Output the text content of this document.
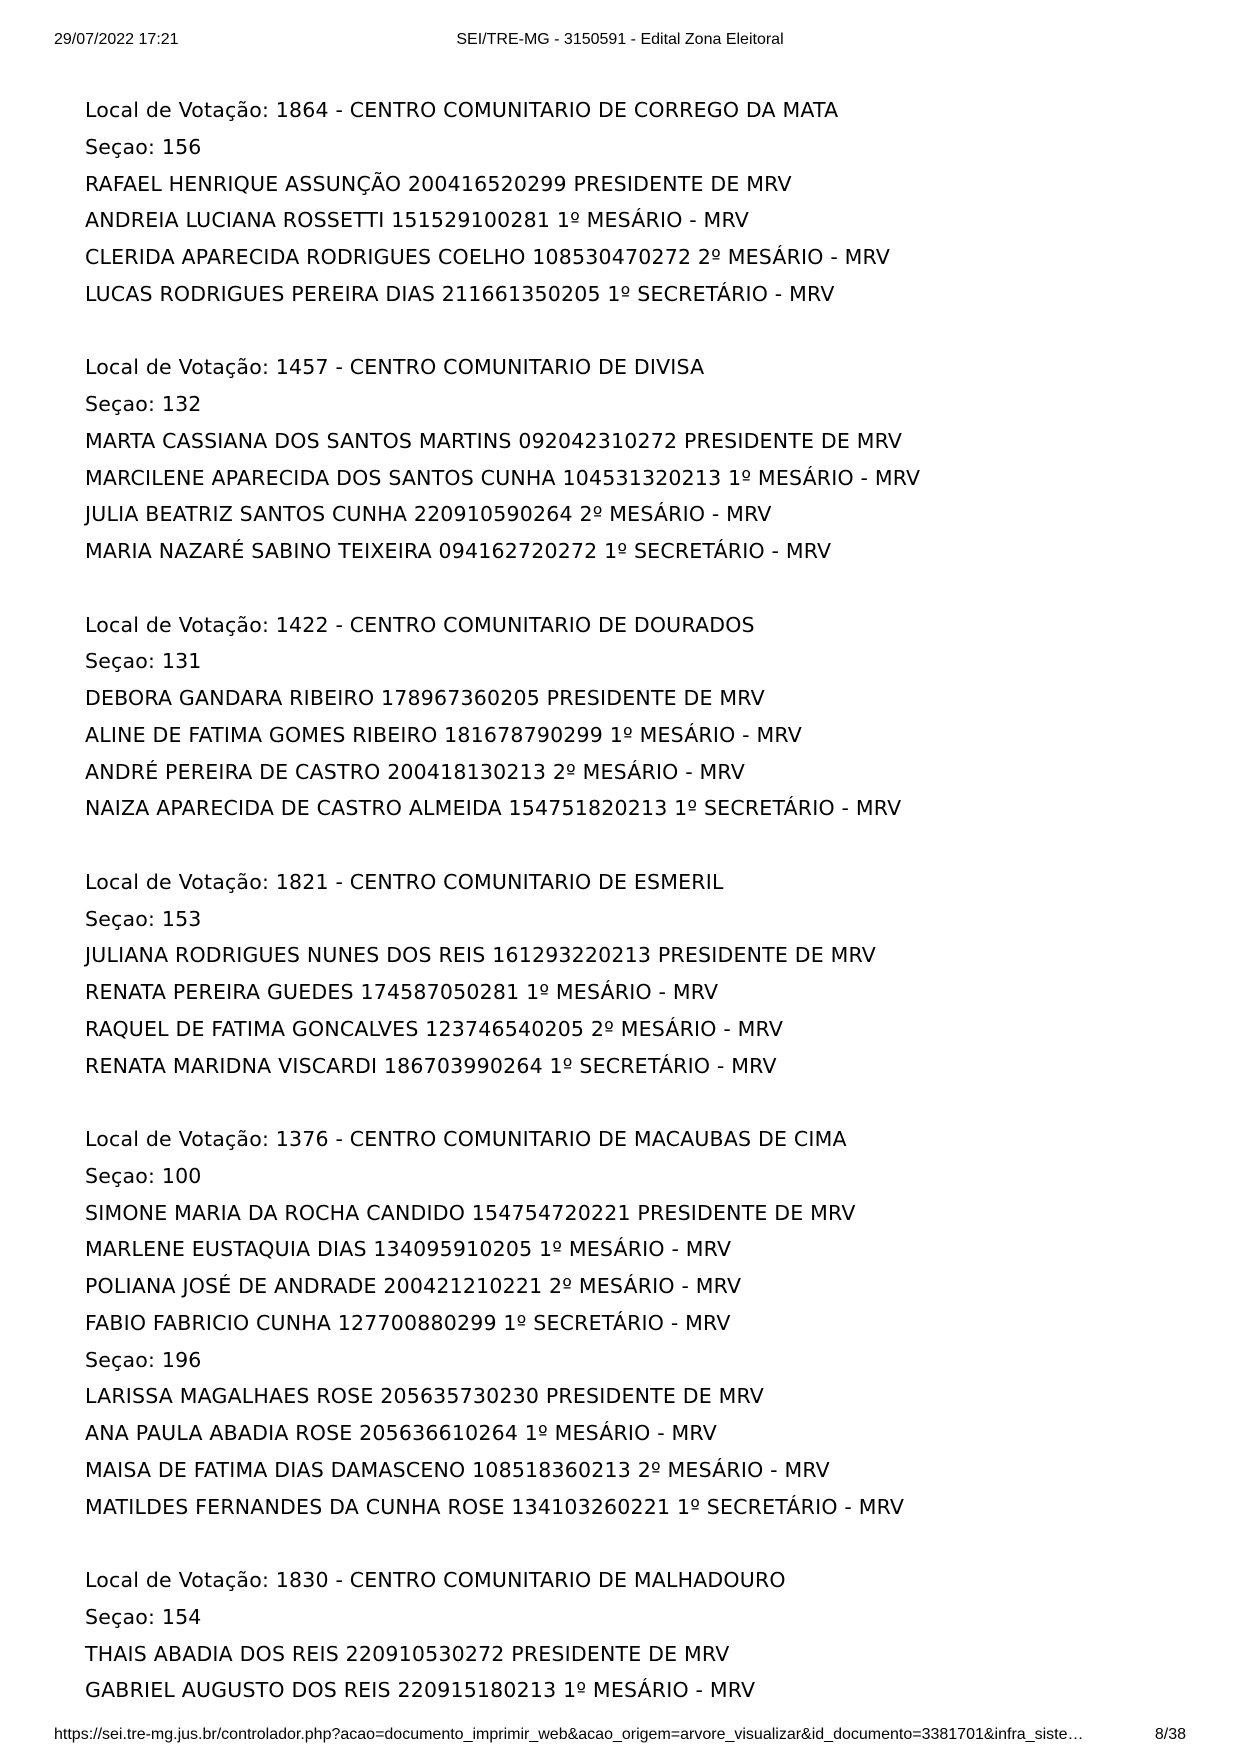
29/07/2022 17:21	SEI/TRE-MG - 3150591 - Edital Zona Eleitoral
Local de Votação: 1864 - CENTRO COMUNITARIO DE CORREGO DA MATA
Seçao: 156
RAFAEL HENRIQUE ASSUNÇÃO 200416520299 PRESIDENTE DE MRV
ANDREIA LUCIANA ROSSETTI 151529100281 1º MESÁRIO - MRV
CLERIDA APARECIDA RODRIGUES COELHO 108530470272 2º MESÁRIO - MRV
LUCAS RODRIGUES PEREIRA DIAS 211661350205 1º SECRETÁRIO - MRV
Local de Votação: 1457 - CENTRO COMUNITARIO DE DIVISA
Seçao: 132
MARTA CASSIANA DOS SANTOS MARTINS 092042310272 PRESIDENTE DE MRV
MARCILENE APARECIDA DOS SANTOS CUNHA 104531320213 1º MESÁRIO - MRV
JULIA BEATRIZ SANTOS CUNHA 220910590264 2º MESÁRIO - MRV
MARIA NAZARÉ SABINO TEIXEIRA 094162720272 1º SECRETÁRIO - MRV
Local de Votação: 1422 - CENTRO COMUNITARIO DE DOURADOS
Seçao: 131
DEBORA GANDARA RIBEIRO 178967360205 PRESIDENTE DE MRV
ALINE DE FATIMA GOMES RIBEIRO 181678790299 1º MESÁRIO - MRV
ANDRÉ PEREIRA DE CASTRO 200418130213 2º MESÁRIO - MRV
NAIZA APARECIDA DE CASTRO ALMEIDA 154751820213 1º SECRETÁRIO - MRV
Local de Votação: 1821 - CENTRO COMUNITARIO DE ESMERIL
Seçao: 153
JULIANA RODRIGUES NUNES DOS REIS 161293220213 PRESIDENTE DE MRV
RENATA PEREIRA GUEDES 174587050281 1º MESÁRIO - MRV
RAQUEL DE FATIMA GONCALVES 123746540205 2º MESÁRIO - MRV
RENATA MARIDNA VISCARDI 186703990264 1º SECRETÁRIO - MRV
Local de Votação: 1376 - CENTRO COMUNITARIO DE MACAUBAS DE CIMA
Seçao: 100
SIMONE MARIA DA ROCHA CANDIDO 154754720221 PRESIDENTE DE MRV
MARLENE EUSTAQUIA DIAS 134095910205 1º MESÁRIO - MRV
POLIANA JOSÉ DE ANDRADE 200421210221 2º MESÁRIO - MRV
FABIO FABRICIO CUNHA 127700880299 1º SECRETÁRIO - MRV
Seçao: 196
LARISSA MAGALHAES ROSE 205635730230 PRESIDENTE DE MRV
ANA PAULA ABADIA ROSE 205636610264 1º MESÁRIO - MRV
MAISA DE FATIMA DIAS DAMASCENO 108518360213 2º MESÁRIO - MRV
MATILDES FERNANDES DA CUNHA ROSE 134103260221 1º SECRETÁRIO - MRV
Local de Votação: 1830 - CENTRO COMUNITARIO DE MALHADOURO
Seçao: 154
THAIS ABADIA DOS REIS 220910530272 PRESIDENTE DE MRV
GABRIEL AUGUSTO DOS REIS 220915180213 1º MESÁRIO - MRV
https://sei.tre-mg.jus.br/controlador.php?acao=documento_imprimir_web&acao_origem=arvore_visualizar&id_documento=3381701&infra_siste…	8/38
